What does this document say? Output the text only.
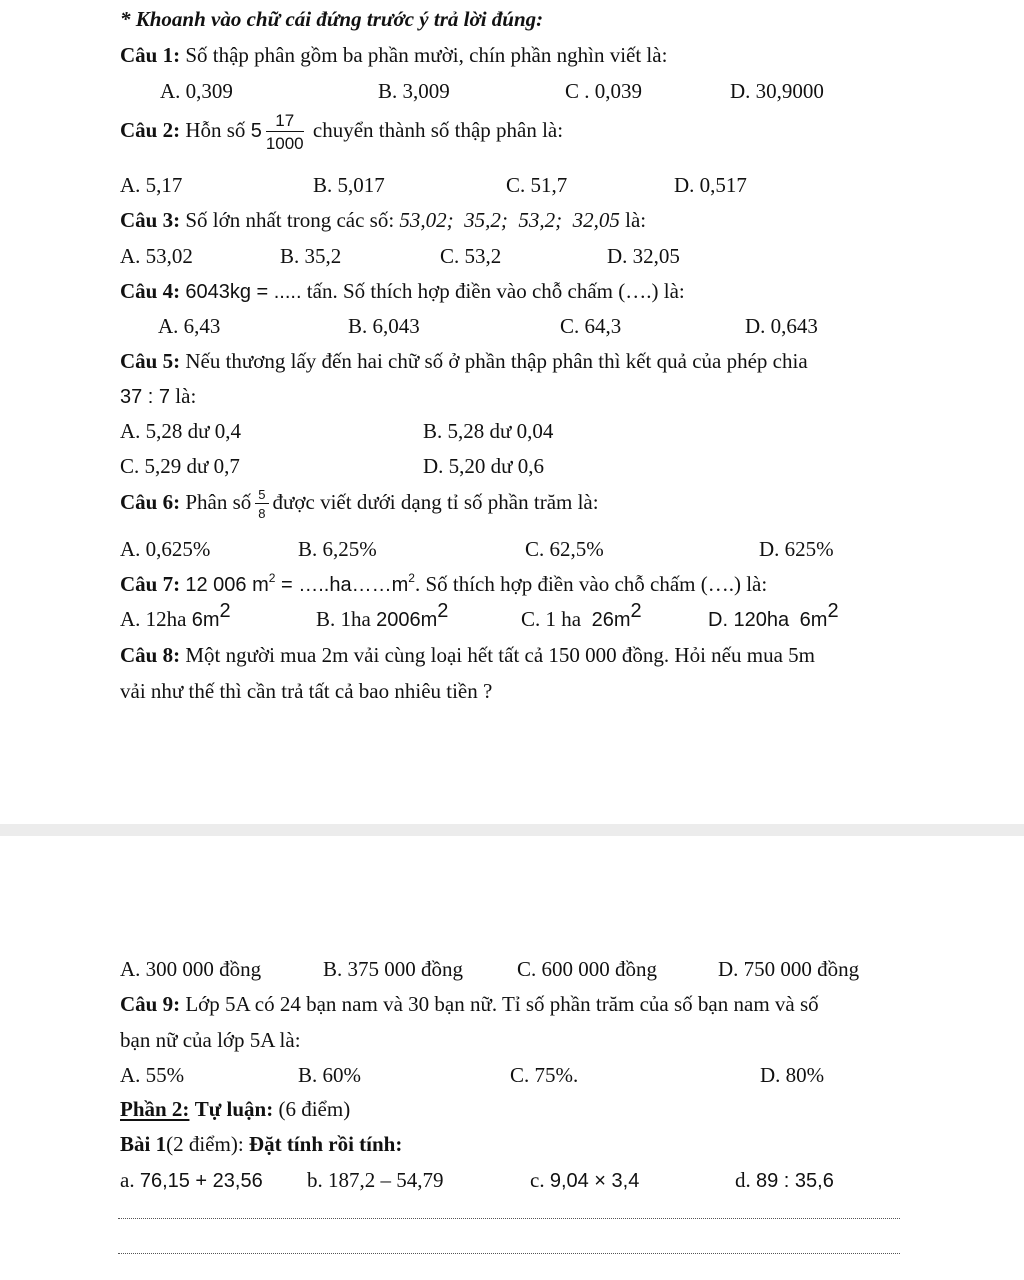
* Khoanh vào chữ cái đứng trước ý trả lời đúng:
Câu 1: Số thập phân gồm ba phần mười, chín phần nghìn viết là:
A. 0,309	B. 3,009	C . 0,039	D. 30,9000
Câu 2: Hỗn số $5 \frac{17}{1000}$ chuyển thành số thập phân là:
A. 5,17	B. 5,017	C. 51,7	D. 0,517
Câu 3: Số lớn nhất trong các số: 53,02;  35,2;  53,2;  32,05 là:
A. 53,02	B. 35,2	C. 53,2	D. 32,05
Câu 4: 6043kg = ..... tấn. Số thích hợp điền vào chỗ chấm (….) là:
A. 6,43	B. 6,043	C. 64,3	D. 0,643
Câu 5: Nếu thương lấy đến hai chữ số ở phần thập phân thì kết quả của phép chia
37 : 7 là:
A. 5,28 dư 0,4	B. 5,28 dư 0,04
C. 5,29 dư 0,7	D. 5,20 dư 0,6
Câu 6: Phân số $\frac{5}{8}$ được viết dưới dạng tỉ số phần trăm là:
A. 0,625%	B. 6,25%	C. 62,5%	D. 625%
Câu 7: 12 006 $m^2$ = $\dots..ha\dots\dots m^2$. Số thích hợp điền vào chỗ chấm (….) là:
A. 12ha $6m^2$	B. 1ha $2006m^2$	C. 1 ha $26m^2$	D. 120ha $6m^2$
Câu 8: Một người mua 2m vải cùng loại hết tất cả 150 000 đồng. Hỏi nếu mua 5m
vải như thế thì cần trả tất cả bao nhiêu tiền ?
A. 300 000 đồng	B. 375 000 đồng	C. 600 000 đồng	D. 750 000 đồng
Câu 9: Lớp 5A có 24 bạn nam và 30 bạn nữ. Tỉ số phần trăm của số bạn nam và số
bạn nữ của lớp 5A là:
A. 55%	B. 60%	C. 75%.	D. 80%
Phần 2: Tự luận: (6 điểm)
Bài 1(2 điểm): Đặt tính rồi tính:
a. 76,15 + 23,56 b. 187,2 – 54,79	c. 9,04 × 3,4	d. 89 : 35,6
